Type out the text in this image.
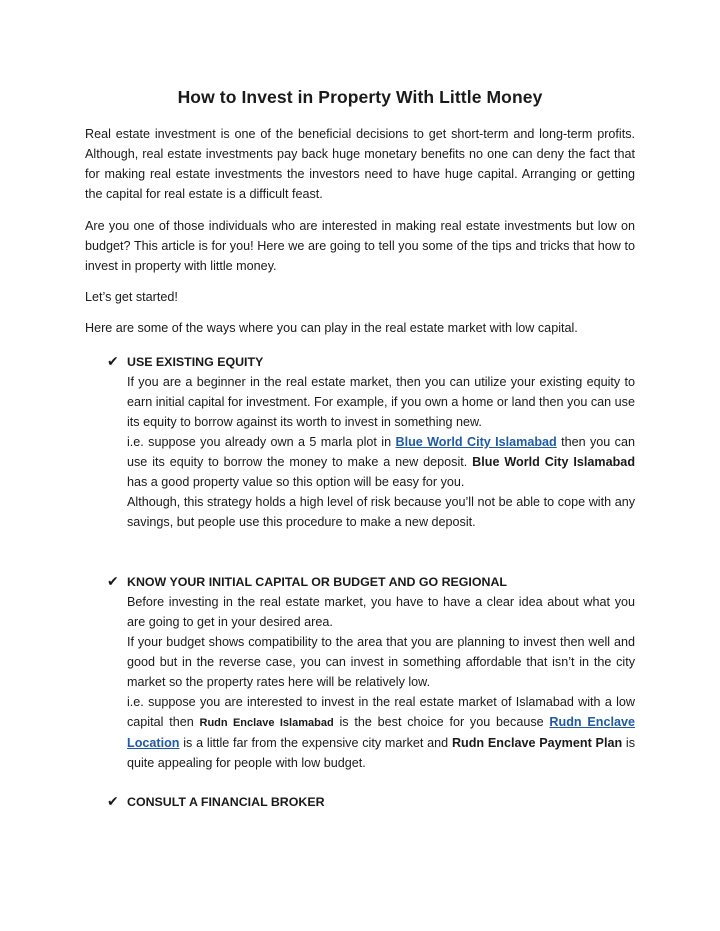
How to Invest in Property With Little Money

Real estate investment is one of the beneficial decisions to get short-term and long-term profits. Although, real estate investments pay back huge monetary benefits no one can deny the fact that for making real estate investments the investors need to have huge capital. Arranging or getting the capital for real estate is a difficult feast.

Are you one of those individuals who are interested in making real estate investments but low on budget? This article is for you! Here we are going to tell you some of the tips and tricks that how to invest in property with little money.

Let’s get started!

Here are some of the ways where you can play in the real estate market with low capital.

✔ USE EXISTING EQUITY

If you are a beginner in the real estate market, then you can utilize your existing equity to earn initial capital for investment. For example, if you own a home or land then you can use its equity to borrow against its worth to invest in something new.

i.e. suppose you already own a 5 marla plot in Blue World City Islamabad then you can use its equity to borrow the money to make a new deposit. Blue World City Islamabad has a good property value so this option will be easy for you.

Although, this strategy holds a high level of risk because you’ll not be able to cope with any savings, but people use this procedure to make a new deposit.

✔ KNOW YOUR INITIAL CAPITAL OR BUDGET AND GO REGIONAL

Before investing in the real estate market, you have to have a clear idea about what you are going to get in your desired area.

If your budget shows compatibility to the area that you are planning to invest then well and good but in the reverse case, you can invest in something affordable that isn’t in the city market so the property rates here will be relatively low.

i.e. suppose you are interested to invest in the real estate market of Islamabad with a low capital then Rudn Enclave Islamabad is the best choice for you because Rudn Enclave Location is a little far from the expensive city market and Rudn Enclave Payment Plan is quite appealing for people with low budget.

✔ CONSULT A FINANCIAL BROKER
